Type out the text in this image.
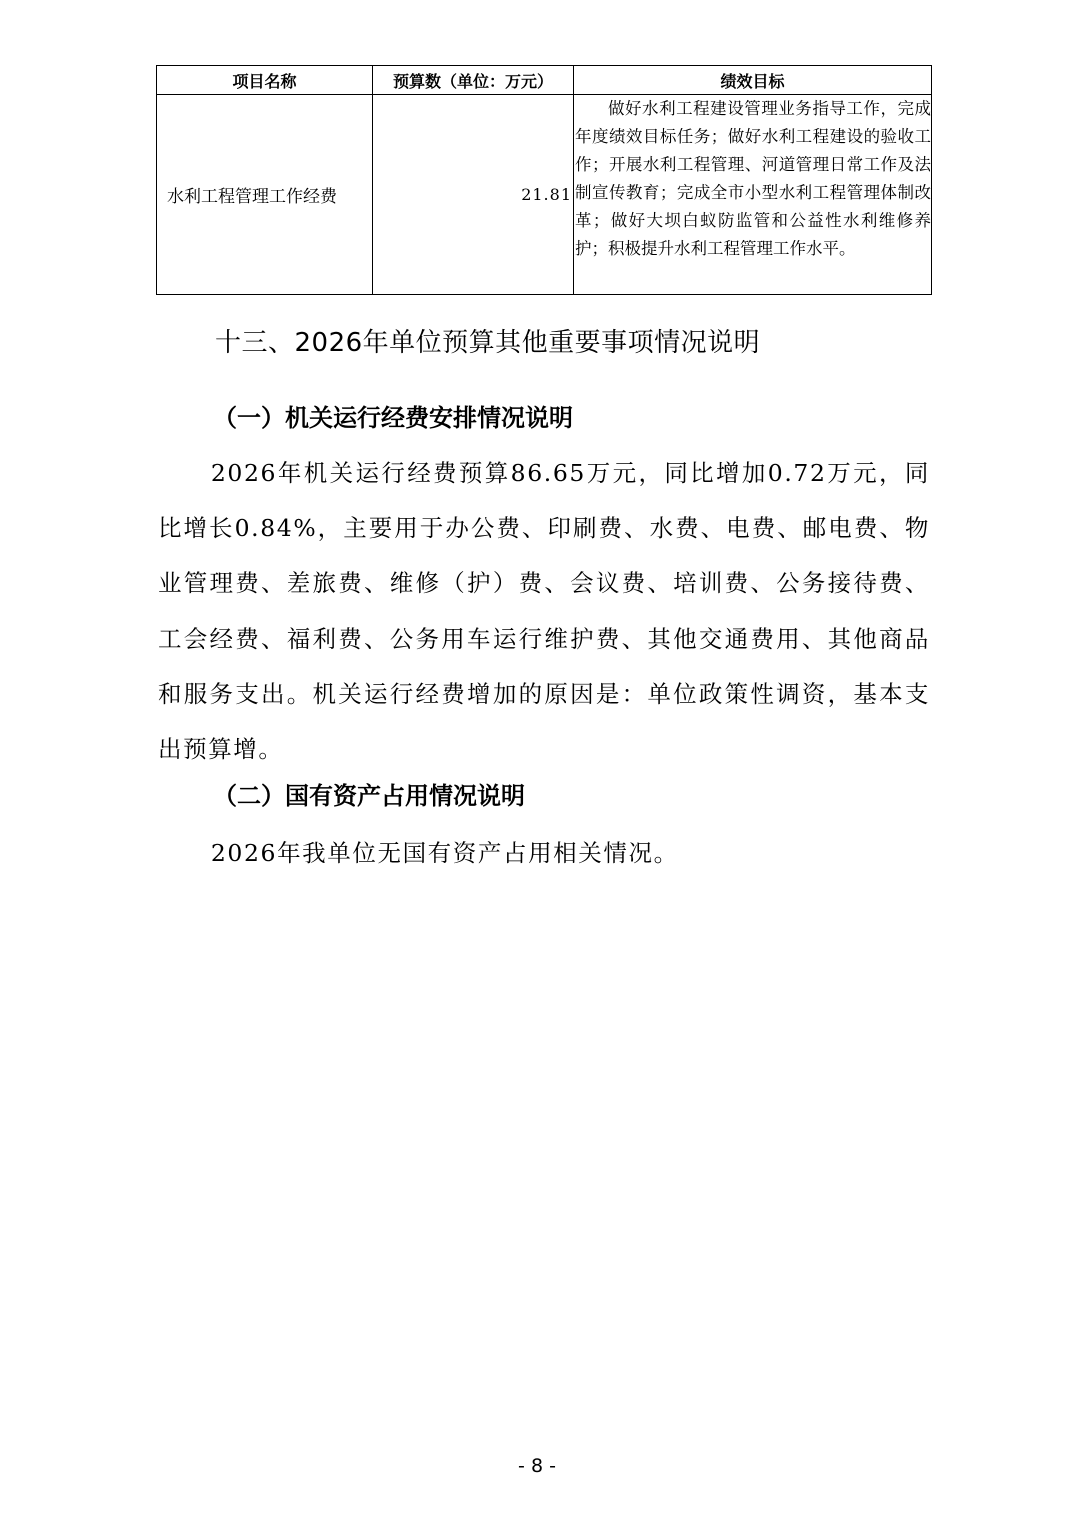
项目名称	预算数（单位：万元）	绩效目标
水利工程管理工作经费	21.81	做好水利工程建设管理业务指导工作，完成年度绩效目标任务；做好水利工程建设的验收工作；开展水利工程管理、河道管理日常工作及法制宣传教育；完成全市小型水利工程管理体制改革；做好大坝白蚁防监管和公益性水利维修养护；积极提升水利工程管理工作水平。
十三、2026年单位预算其他重要事项情况说明
（一）机关运行经费安排情况说明

2026年机关运行经费预算86.65万元，同比增加0.72万元，同比增长0.84%，主要用于办公费、印刷费、水费、电费、邮电费、物业管理费、差旅费、维修（护）费、会议费、培训费、公务接待费、工会经费、福利费、公务用车运行维护费、其他交通费用、其他商品和服务支出。机关运行经费增加的原因是：单位政策性调资，基本支出预算增。

（二）国有资产占用情况说明

2026年我单位无国有资产占用相关情况。

- 8 -
